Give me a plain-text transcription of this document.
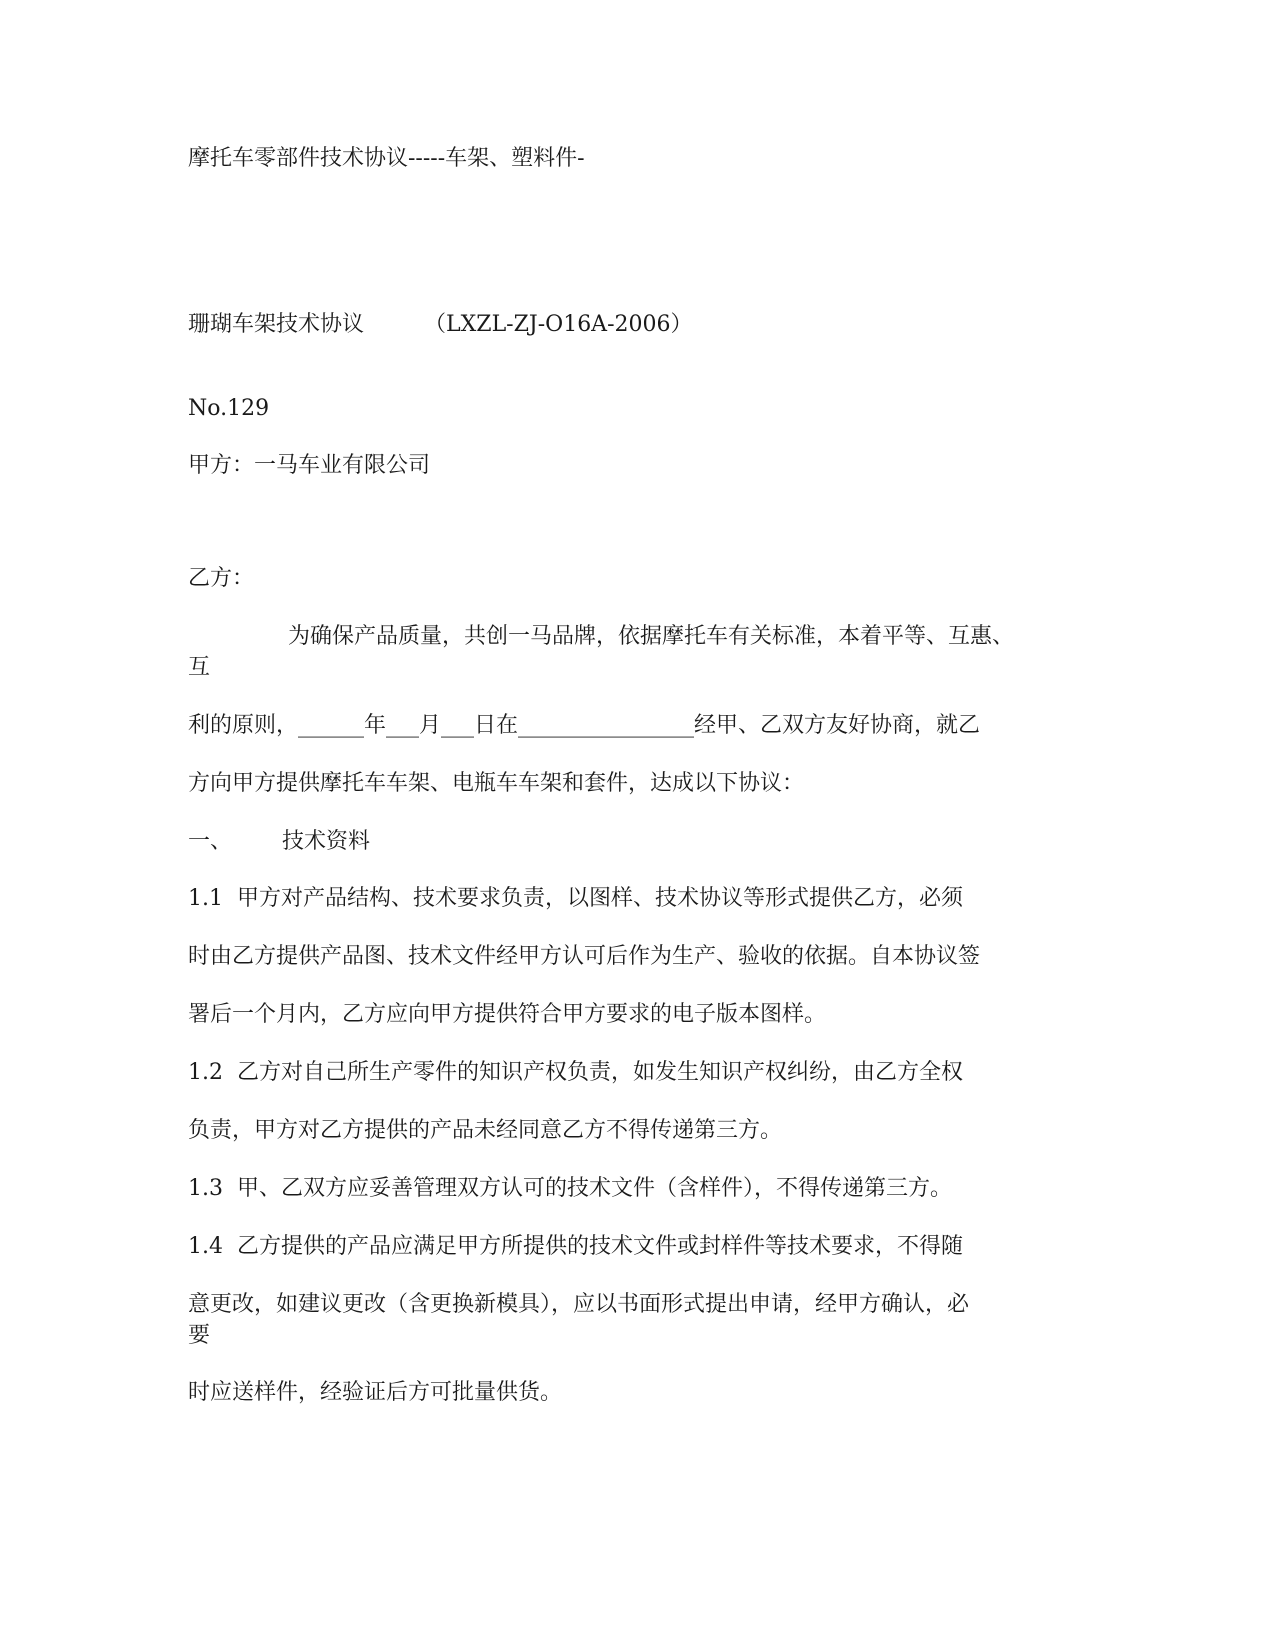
摩托车零部件技术协议-----车架、塑料件-
珊瑚车架技术协议	（LXZL-ZJ-O16A-2006）
No.129
甲方：一马车业有限公司
乙方：
为确保产品质量，共创一马品牌，依据摩托车有关标准，本着平等、互惠、
互
利的原则，______年___月___日在________________经甲、乙双方友好协商，就乙
方向甲方提供摩托车车架、电瓶车车架和套件，达成以下协议：
一、 技术资料
1.1  甲方对产品结构、技术要求负责，以图样、技术协议等形式提供乙方，必须
时由乙方提供产品图、技术文件经甲方认可后作为生产、验收的依据。自本协议签
署后一个月内，乙方应向甲方提供符合甲方要求的电子版本图样。
1.2  乙方对自己所生产零件的知识产权负责，如发生知识产权纠纷，由乙方全权
负责，甲方对乙方提供的产品未经同意乙方不得传递第三方。
1.3  甲、乙双方应妥善管理双方认可的技术文件（含样件），不得传递第三方。
1.4  乙方提供的产品应满足甲方所提供的技术文件或封样件等技术要求，不得随
意更改，如建议更改（含更换新模具），应以书面形式提出申请，经甲方确认，必
要
时应送样件，经验证后方可批量供货。
